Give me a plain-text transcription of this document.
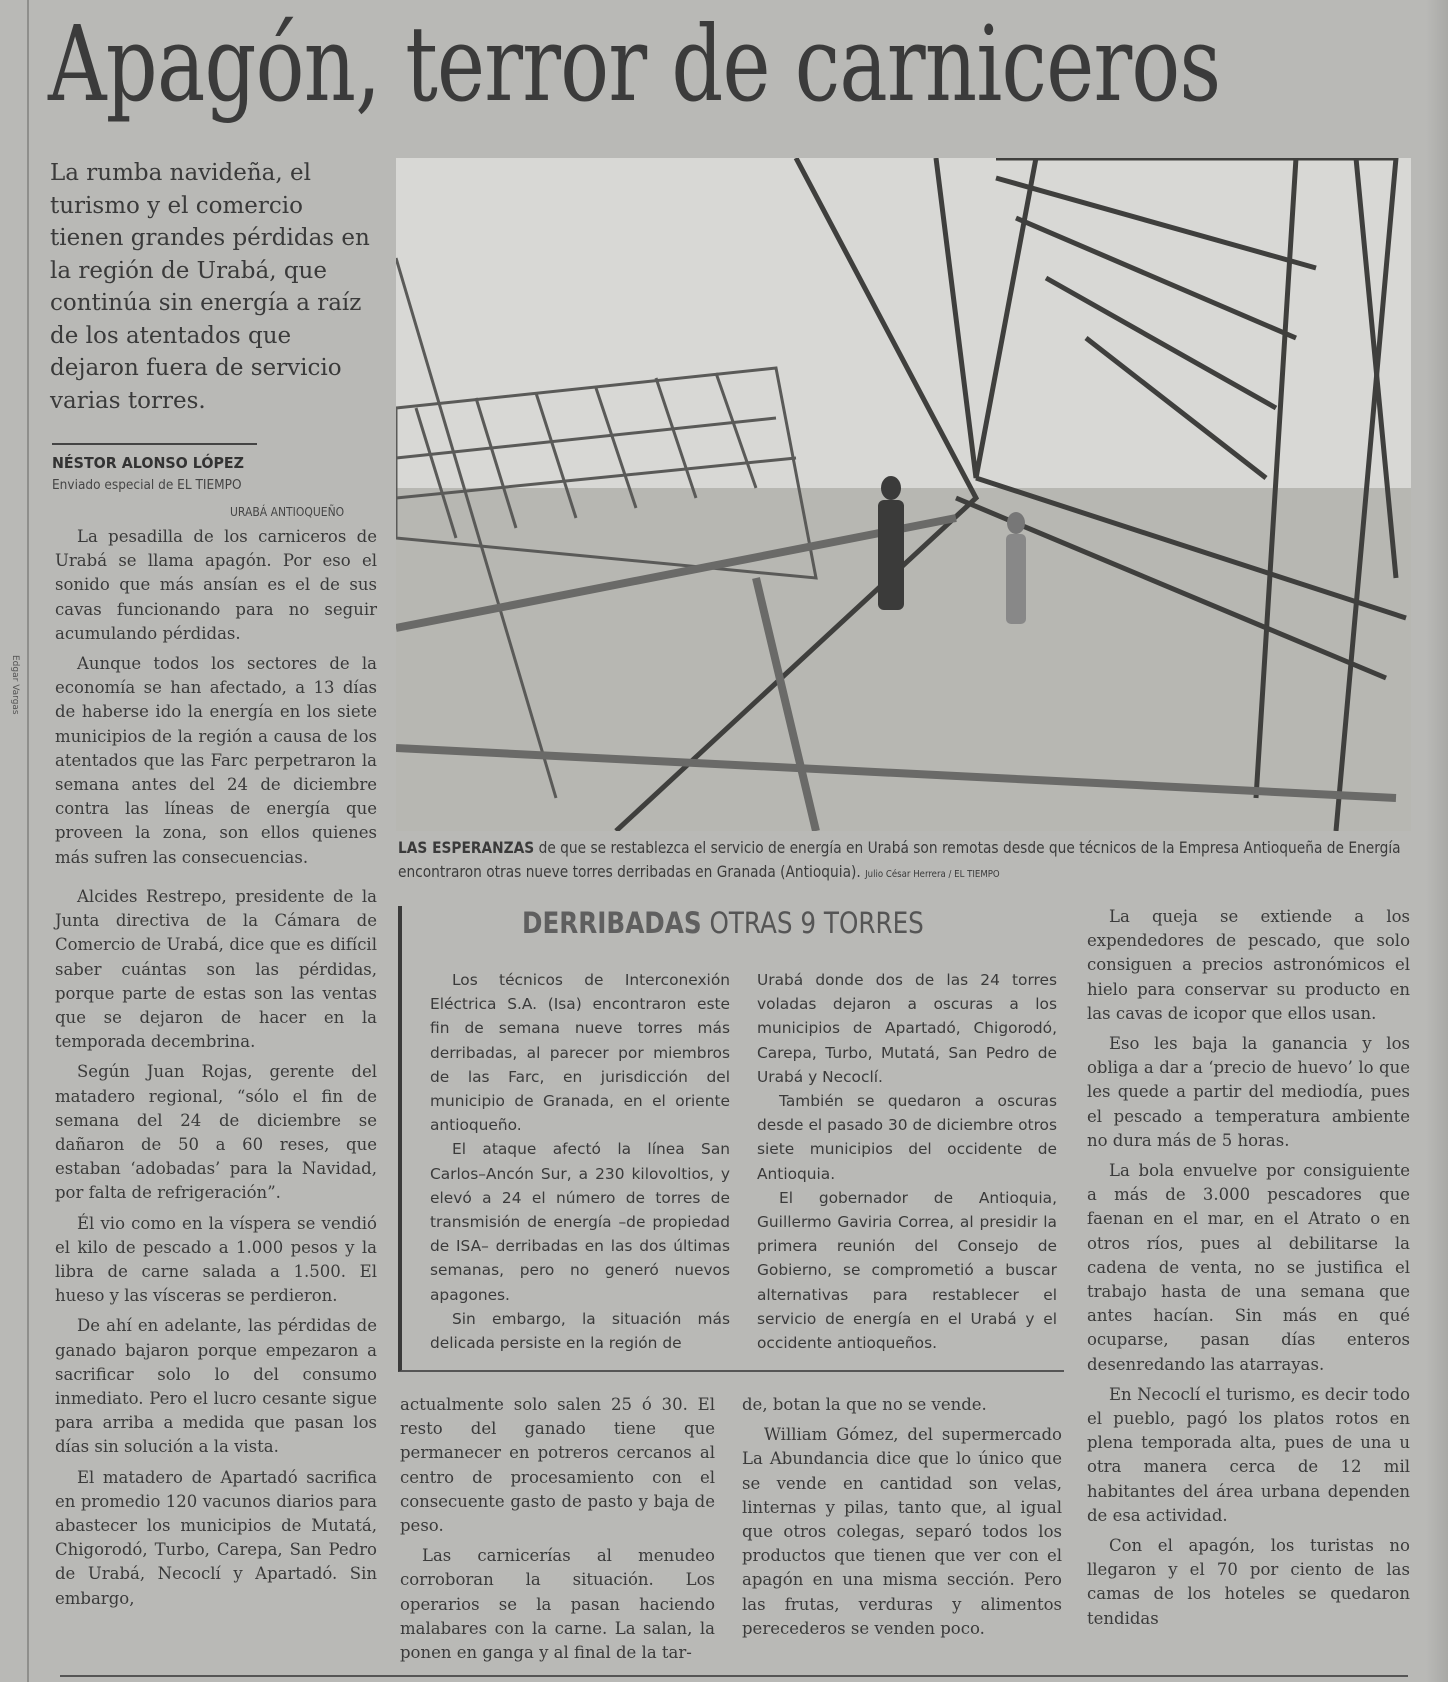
Apagón, terror de carniceros
La rumba navideña, el turismo y el comercio tienen grandes pérdidas en la región de Urabá, que continúa sin energía a raíz de los atentados que dejaron fuera de servicio varias torres.
NÉSTOR ALONSO LÓPEZ
Enviado especial de EL TIEMPO
URABÁ ANTIOQUEÑO
Edgar Vargas

La pesadilla de los carniceros de Urabá se llama apagón. Por eso el sonido que más ansían es el de sus cavas funcionando para no seguir acumulando pérdidas.

Aunque todos los sectores de la economía se han afectado, a 13 días de haberse ido la energía en los siete municipios de la región a causa de los atentados que las Farc perpetraron la semana antes del 24 de diciembre contra las líneas de energía que proveen la zona, son ellos quienes más sufren las consecuencias.

Alcides Restrepo, presidente de la Junta directiva de la Cámara de Comercio de Urabá, dice que es difícil saber cuántas son las pérdidas, porque parte de estas son las ventas que se dejaron de hacer en la temporada decembrina.

Según Juan Rojas, gerente del matadero regional, “sólo el fin de semana del 24 de diciembre se dañaron de 50 a 60 reses, que estaban ‘adobadas’ para la Navidad, por falta de refrigeración”.

Él vio como en la víspera se vendió el kilo de pescado a 1.000 pesos y la libra de carne salada a 1.500. El hueso y las vísceras se perdieron.

De ahí en adelante, las pérdidas de ganado bajaron porque empezaron a sacrificar solo lo del consumo inmediato. Pero el lucro cesante sigue para arriba a medida que pasan los días sin solución a la vista.

El matadero de Apartadó sacrifica en promedio 120 vacunos diarios para abastecer los municipios de Mutatá, Chigorodó, Turbo, Carepa, San Pedro de Urabá, Necoclí y Apartadó. Sin embargo,

LAS ESPERANZAS de que se restablezca el servicio de energía en Urabá son remotas desde que técnicos de la Empresa Antioqueña de Energía encontraron otras nueve torres derribadas en Granada (Antioquia). Julio César Herrera / EL TIEMPO
DERRIBADAS OTRAS 9 TORRES

Los técnicos de Interconexión Eléctrica S.A. (Isa) encontraron este fin de semana nueve torres más derribadas, al parecer por miembros de las Farc, en jurisdicción del municipio de Granada, en el oriente antioqueño.

El ataque afectó la línea San Carlos–Ancón Sur, a 230 kilovoltios, y elevó a 24 el número de torres de transmisión de energía –de propiedad de ISA– derribadas en las dos últimas semanas, pero no generó nuevos apagones.

Sin embargo, la situación más delicada persiste en la región de

Urabá donde dos de las 24 torres voladas dejaron a oscuras a los municipios de Apartadó, Chigorodó, Carepa, Turbo, Mutatá, San Pedro de Urabá y Necoclí.

También se quedaron a oscuras desde el pasado 30 de diciembre otros siete municipios del occidente de Antioquia.

El gobernador de Antioquia, Guillermo Gaviria Correa, al presidir la primera reunión del Consejo de Gobierno, se comprometió a buscar alternativas para restablecer el servicio de energía en el Urabá y el occidente antioqueños.

actualmente solo salen 25 ó 30. El resto del ganado tiene que permanecer en potreros cercanos al centro de procesamiento con el consecuente gasto de pasto y baja de peso.

Las carnicerías al menudeo corroboran la situación. Los operarios se la pasan haciendo malabares con la carne. La salan, la ponen en ganga y al final de la tar-

de, botan la que no se vende.

William Gómez, del supermercado La Abundancia dice que lo único que se vende en cantidad son velas, linternas y pilas, tanto que, al igual que otros colegas, separó todos los productos que tienen que ver con el apagón en una misma sección. Pero las frutas, verduras y alimentos perecederos se venden poco.

La queja se extiende a los expendedores de pescado, que solo consiguen a precios astronómicos el hielo para conservar su producto en las cavas de icopor que ellos usan.

Eso les baja la ganancia y los obliga a dar a ‘precio de huevo’ lo que les quede a partir del mediodía, pues el pescado a temperatura ambiente no dura más de 5 horas.

La bola envuelve por consiguiente a más de 3.000 pescadores que faenan en el mar, en el Atrato o en otros ríos, pues al debilitarse la cadena de venta, no se justifica el trabajo hasta de una semana que antes hacían. Sin más en qué ocuparse, pasan días enteros desenredando las atarrayas.

En Necoclí el turismo, es decir todo el pueblo, pagó los platos rotos en plena temporada alta, pues de una u otra manera cerca de 12 mil habitantes del área urbana dependen de esa actividad.

Con el apagón, los turistas no llegaron y el 70 por ciento de las camas de los hoteles se quedaron tendidas
